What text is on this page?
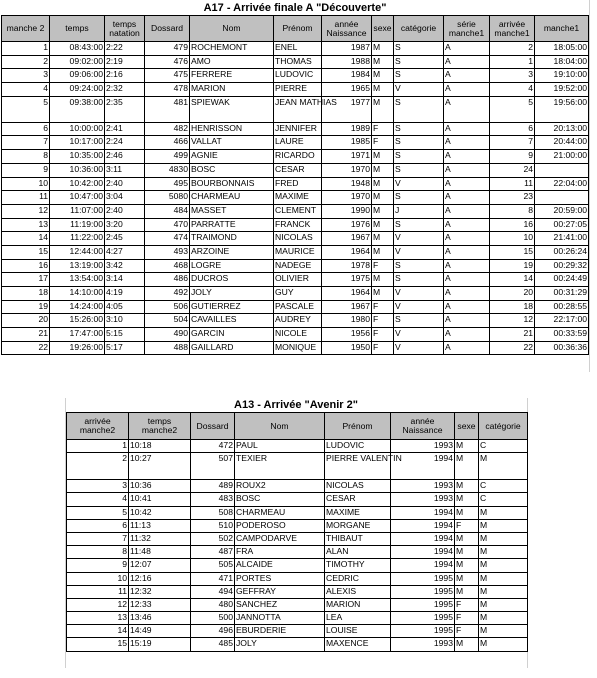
A17 - Arrivée finale A "Découverte"
manche 2	temps	temps natation	Dossard	Nom	Prénom	année Naissance	sexe	catégorie	série manche1	arrivée manche1	manche1
1	08:43:00	2:22	479	ROCHEMONT	ENEL	1987	M	S	A	2	18:05:00
2	09:02:00	2:19	476	AMO	THOMAS	1988	M	S	A	1	18:04:00
3	09:06:00	2:16	475	FERRERE	LUDOVIC	1984	M	S	A	3	19:10:00
4	09:24:00	2:32	478	MARION	PIERRE	1965	M	V	A	4	19:52:00
5	09:38:00	2:35	481	SPIEWAK	JEAN MATHIAS	1977	M	S	A	5	19:56:00
6	10:00:00	2:41	482	HENRISSON	JENNIFER	1989	F	S	A	6	20:13:00
7	10:17:00	2:24	466	VALLAT	LAURE	1985	F	S	A	7	20:44:00
8	10:35:00	2:46	499	AGNIE	RICARDO	1971	M	S	A	9	21:00:00
9	10:36:00	3:11	4830	BOSC	CESAR	1970	M	S	A	24	
10	10:42:00	2:40	495	BOURBONNAIS	FRED	1948	M	V	A	11	22:04:00
11	10:47:00	3:04	5080	CHARMEAU	MAXIME	1970	M	S	A	23	
12	11:07:00	2:40	484	MASSET	CLEMENT	1990	M	J	A	8	20:59:00
13	11:19:00	3:20	470	PARRATTE	FRANCK	1976	M	S	A	16	00:27:05
14	11:22:00	2:45	474	TRAIMOND	NICOLAS	1967	M	V	A	10	21:41:00
15	12:44:00	4:27	493	ARZOINE	MAURICE	1964	M	V	A	15	00:26:24
16	13:19:00	3:42	468	LOGRE	NADEGE	1978	F	S	A	19	00:29:32
17	13:54:00	3:14	486	DUCROS	OLIVIER	1975	M	S	A	14	00:24:49
18	14:10:00	4:19	492	JOLY	GUY	1964	M	V	A	20	00:31:29
19	14:24:00	4:05	506	GUTIERREZ	PASCALE	1967	F	V	A	18	00:28:55
20	15:26:00	3:10	504	CAVAILLES	AUDREY	1980	F	S	A	12	22:17:00
21	17:47:00	5:15	490	GARCIN	NICOLE	1956	F	V	A	21	00:33:59
22	19:26:00	5:17	488	GAILLARD	MONIQUE	1950	F	V	A	22	00:36:36
A13 - Arrivée "Avenir 2"
arrivée manche2	temps manche2	Dossard	Nom	Prénom	année Naissance	sexe	catégorie
1	10:18	472	PAUL	LUDOVIC	1993	M	C
2	10:27	507	TEXIER	PIERRE VALENTIN	1994	M	M
3	10:36	489	ROUX2	NICOLAS	1993	M	C
4	10:41	483	BOSC	CESAR	1993	M	C
5	10:42	508	CHARMEAU	MAXIME	1994	M	M
6	11:13	510	PODEROSO	MORGANE	1994	F	M
7	11:32	502	CAMPODARVE	THIBAUT	1994	M	M
8	11:48	487	FRA	ALAN	1994	M	M
9	12:07	505	ALCAIDE	TIMOTHY	1994	M	M
10	12:16	471	PORTES	CEDRIC	1995	M	M
11	12:32	494	GEFFRAY	ALEXIS	1995	M	M
12	12:33	480	SANCHEZ	MARION	1995	F	M
13	13:46	500	JANNOTTA	LEA	1995	F	M
14	14:49	496	EBURDERIE	LOUISE	1995	F	M
15	15:19	485	JOLY	MAXENCE	1993	M	M
